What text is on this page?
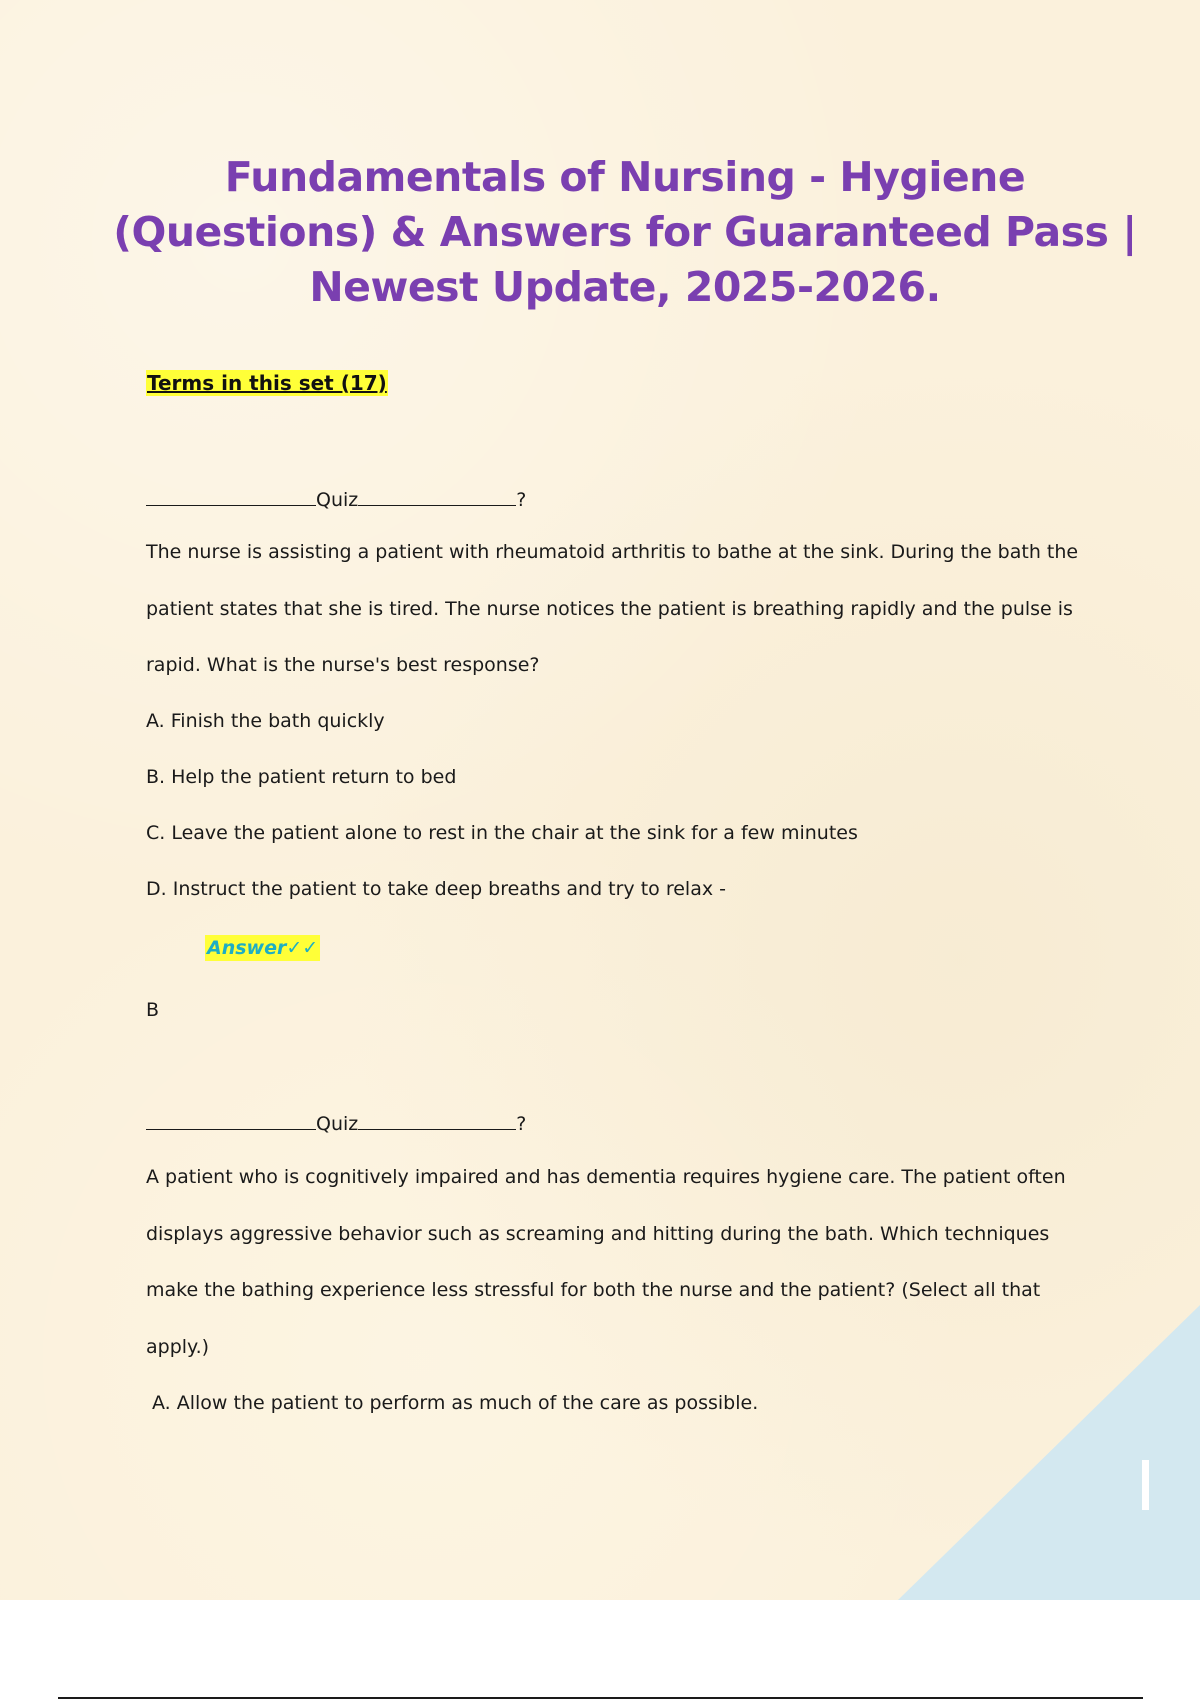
Fundamentals of Nursing - Hygiene (Questions) & Answers for Guaranteed Pass | Newest Update, 2025-2026.
Terms in this set (17)
Quiz	?

The nurse is assisting a patient with rheumatoid arthritis to bathe at the sink. During the bath the patient states that she is tired. The nurse notices the patient is breathing rapidly and the pulse is rapid. What is the nurse's best response?

A. Finish the bath quickly
B. Help the patient return to bed
C. Leave the patient alone to rest in the chair at the sink for a few minutes
D. Instruct the patient to take deep breaths and try to relax -
Answer✓✓
B
Quiz	?

A patient who is cognitively impaired and has dementia requires hygiene care. The patient often displays aggressive behavior such as screaming and hitting during the bath. Which techniques make the bathing experience less stressful for both the nurse and the patient? (Select all that apply.)

A. Allow the patient to perform as much of the care as possible.
